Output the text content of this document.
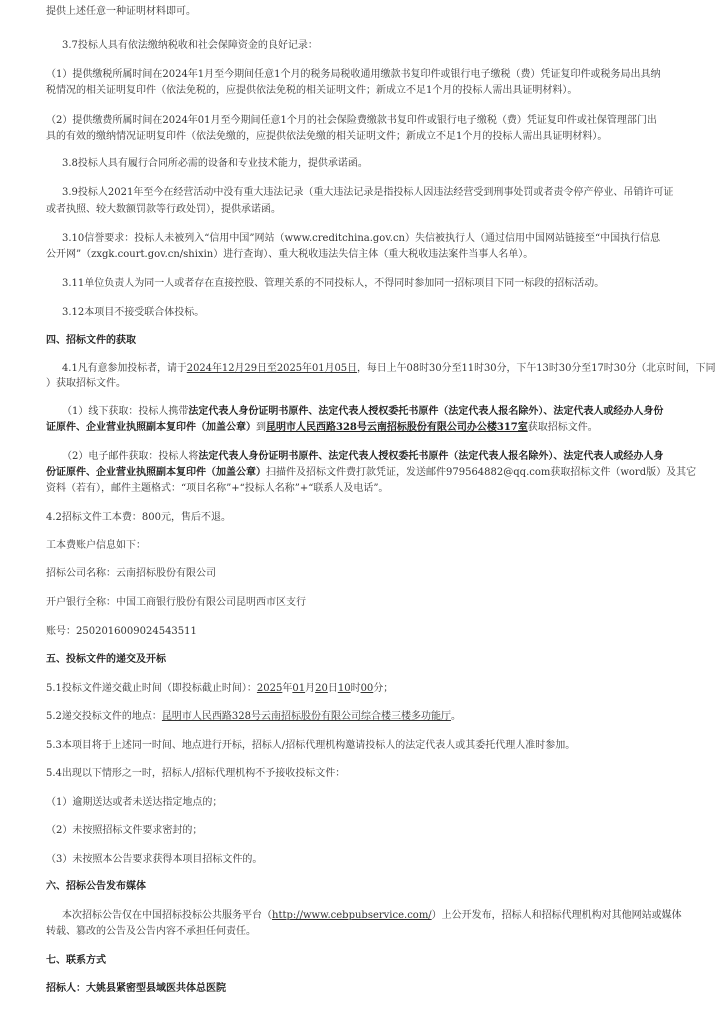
提供上述任意一种证明材料即可。
3.7投标人具有依法缴纳税收和社会保障资金的良好记录：
（1）提供缴税所属时间在2024年1月至今期间任意1个月的税务局税收通用缴款书复印件或银行电子缴税（费）凭证复印件或税务局出具纳
税情况的相关证明复印件（依法免税的，应提供依法免税的相关证明文件；新成立不足1个月的投标人需出具证明材料）。
（2）提供缴费所属时间在2024年01月至今期间任意1个月的社会保险费缴款书复印件或银行电子缴税（费）凭证复印件或社保管理部门出
具的有效的缴纳情况证明复印件（依法免缴的，应提供依法免缴的相关证明文件；新成立不足1个月的投标人需出具证明材料）。
3.8投标人具有履行合同所必需的设备和专业技术能力，提供承诺函。
3.9投标人2021年至今在经营活动中没有重大违法记录（重大违法记录是指投标人因违法经营受到刑事处罚或者责令停产停业、吊销许可证
或者执照、较大数额罚款等行政处罚），提供承诺函。
3.10信誉要求：投标人未被列入“信用中国”网站（www.creditchina.gov.cn）失信被执行人（通过信用中国网站链接至“中国执行信息
公开网”（zxgk.court.gov.cn/shixin）进行查询）、重大税收违法失信主体（重大税收违法案件当事人名单）。
3.11单位负责人为同一人或者存在直接控股、管理关系的不同投标人，不得同时参加同一招标项目下同一标段的招标活动。
3.12本项目不接受联合体投标。
四、招标文件的获取
4.1凡有意参加投标者，请于2024年12月29日至2025年01月05日，每日上午08时30分至11时30分，下午13时30分至17时30分（北京时间，下同
）获取招标文件。
（1）线下获取：投标人携带法定代表人身份证明书原件、法定代表人授权委托书原件（法定代表人报名除外）、法定代表人或经办人身份
证原件、企业营业执照副本复印件（加盖公章）到昆明市人民西路328号云南招标股份有限公司办公楼317室获取招标文件。
（2）电子邮件获取：投标人将法定代表人身份证明书原件、法定代表人授权委托书原件（法定代表人报名除外）、法定代表人或经办人身
份证原件、企业营业执照副本复印件（加盖公章）扫描件及招标文件费打款凭证，发送邮件979564882@qq.com获取招标文件（word版）及其它
资料（若有），邮件主题格式：“项目名称”+“投标人名称”+“联系人及电话”。
4.2招标文件工本费：800元，售后不退。
工本费账户信息如下：
招标公司名称：云南招标股份有限公司
开户银行全称：中国工商银行股份有限公司昆明西市区支行
账号：2502016009024543511
五、投标文件的递交及开标
5.1投标文件递交截止时间（即投标截止时间）：2025年01月20日10时00分；
5.2递交投标文件的地点：昆明市人民西路328号云南招标股份有限公司综合楼三楼多功能厅。
5.3本项目将于上述同一时间、地点进行开标，招标人/招标代理机构邀请投标人的法定代表人或其委托代理人准时参加。
5.4出现以下情形之一时，招标人/招标代理机构不予接收投标文件：
（1）逾期送达或者未送达指定地点的；
（2）未按照招标文件要求密封的；
（3）未按照本公告要求获得本项目招标文件的。
六、招标公告发布媒体
本次招标公告仅在中国招标投标公共服务平台（http://www.cebpubservice.com/）上公开发布，招标人和招标代理机构对其他网站或媒体
转载、篡改的公告及公告内容不承担任何责任。
七、联系方式
招标人：大姚县紧密型县域医共体总医院
